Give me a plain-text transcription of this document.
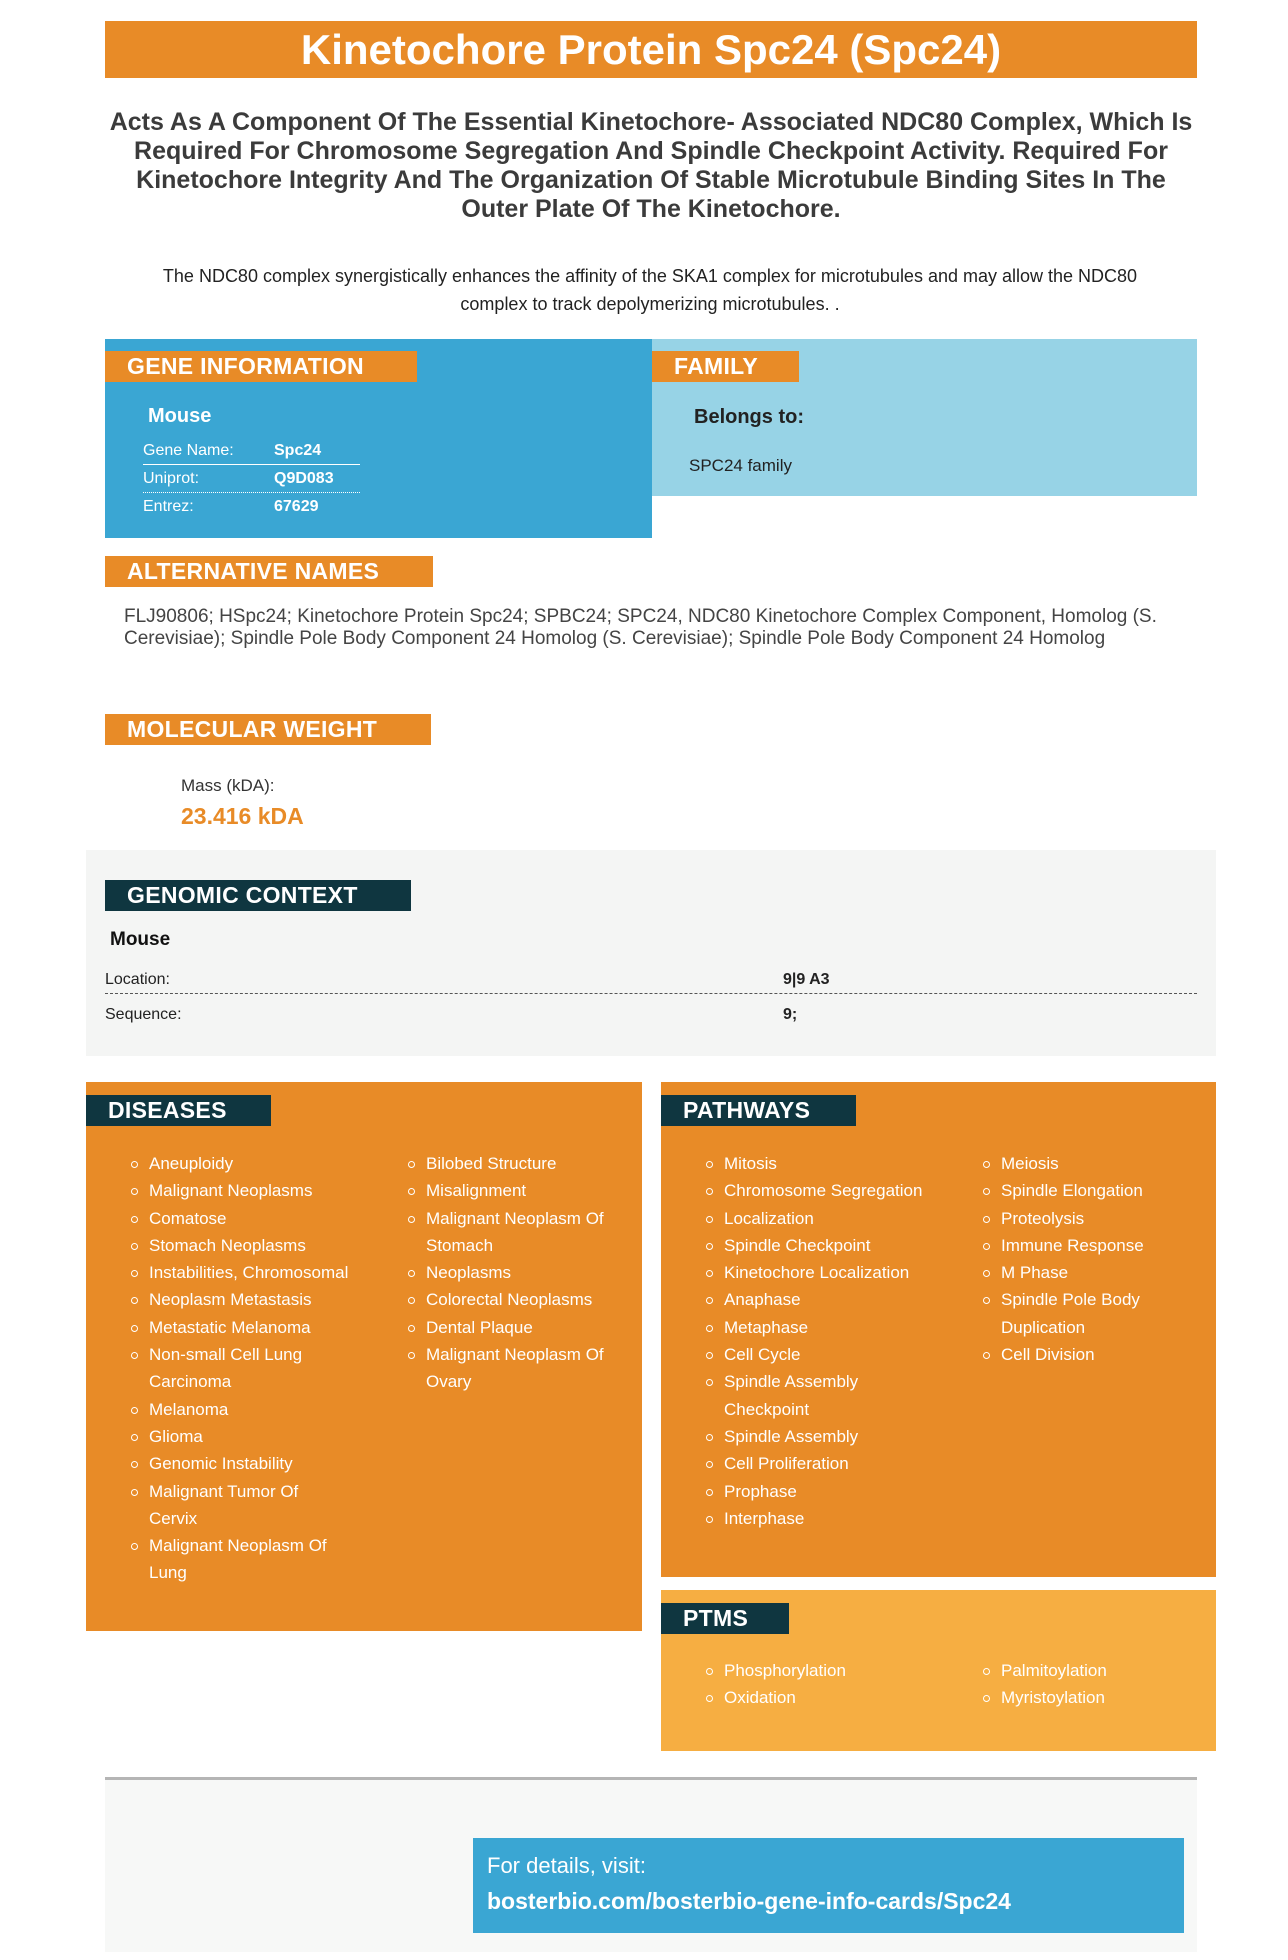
Kinetochore Protein Spc24 (Spc24)
Acts As A Component Of The Essential Kinetochore- Associated NDC80 Complex, Which Is Required For Chromosome Segregation And Spindle Checkpoint Activity. Required For Kinetochore Integrity And The Organization Of Stable Microtubule Binding Sites In The Outer Plate Of The Kinetochore.
The NDC80 complex synergistically enhances the affinity of the SKA1 complex for microtubules and may allow the NDC80 complex to track depolymerizing microtubules. .
GENE INFORMATION
Mouse
Gene Name:	Spc24
Uniprot:	Q9D083
Entrez:	67629
FAMILY
Belongs to:
SPC24 family
ALTERNATIVE NAMES
FLJ90806; HSpc24; Kinetochore Protein Spc24; SPBC24; SPC24, NDC80 Kinetochore Complex Component, Homolog (S. Cerevisiae); Spindle Pole Body Component 24 Homolog (S. Cerevisiae); Spindle Pole Body Component 24 Homolog
MOLECULAR WEIGHT
Mass (kDA):
23.416 kDA
GENOMIC CONTEXT
Mouse
Location:	9|9 A3
Sequence:	9;
DISEASES
Aneuploidy
Malignant Neoplasms
Comatose
Stomach Neoplasms
Instabilities, Chromosomal
Neoplasm Metastasis
Metastatic Melanoma
Non-small Cell Lung Carcinoma
Melanoma
Glioma
Genomic Instability
Malignant Tumor Of Cervix
Malignant Neoplasm Of Lung
Bilobed Structure
Misalignment
Malignant Neoplasm Of Stomach
Neoplasms
Colorectal Neoplasms
Dental Plaque
Malignant Neoplasm Of Ovary
PATHWAYS
Mitosis
Chromosome Segregation
Localization
Spindle Checkpoint
Kinetochore Localization
Anaphase
Metaphase
Cell Cycle
Spindle Assembly Checkpoint
Spindle Assembly
Cell Proliferation
Prophase
Interphase
Meiosis
Spindle Elongation
Proteolysis
Immune Response
M Phase
Spindle Pole Body Duplication
Cell Division
PTMS
Phosphorylation
Oxidation
Palmitoylation
Myristoylation
For details, visit:
bosterbio.com/bosterbio-gene-info-cards/Spc24
